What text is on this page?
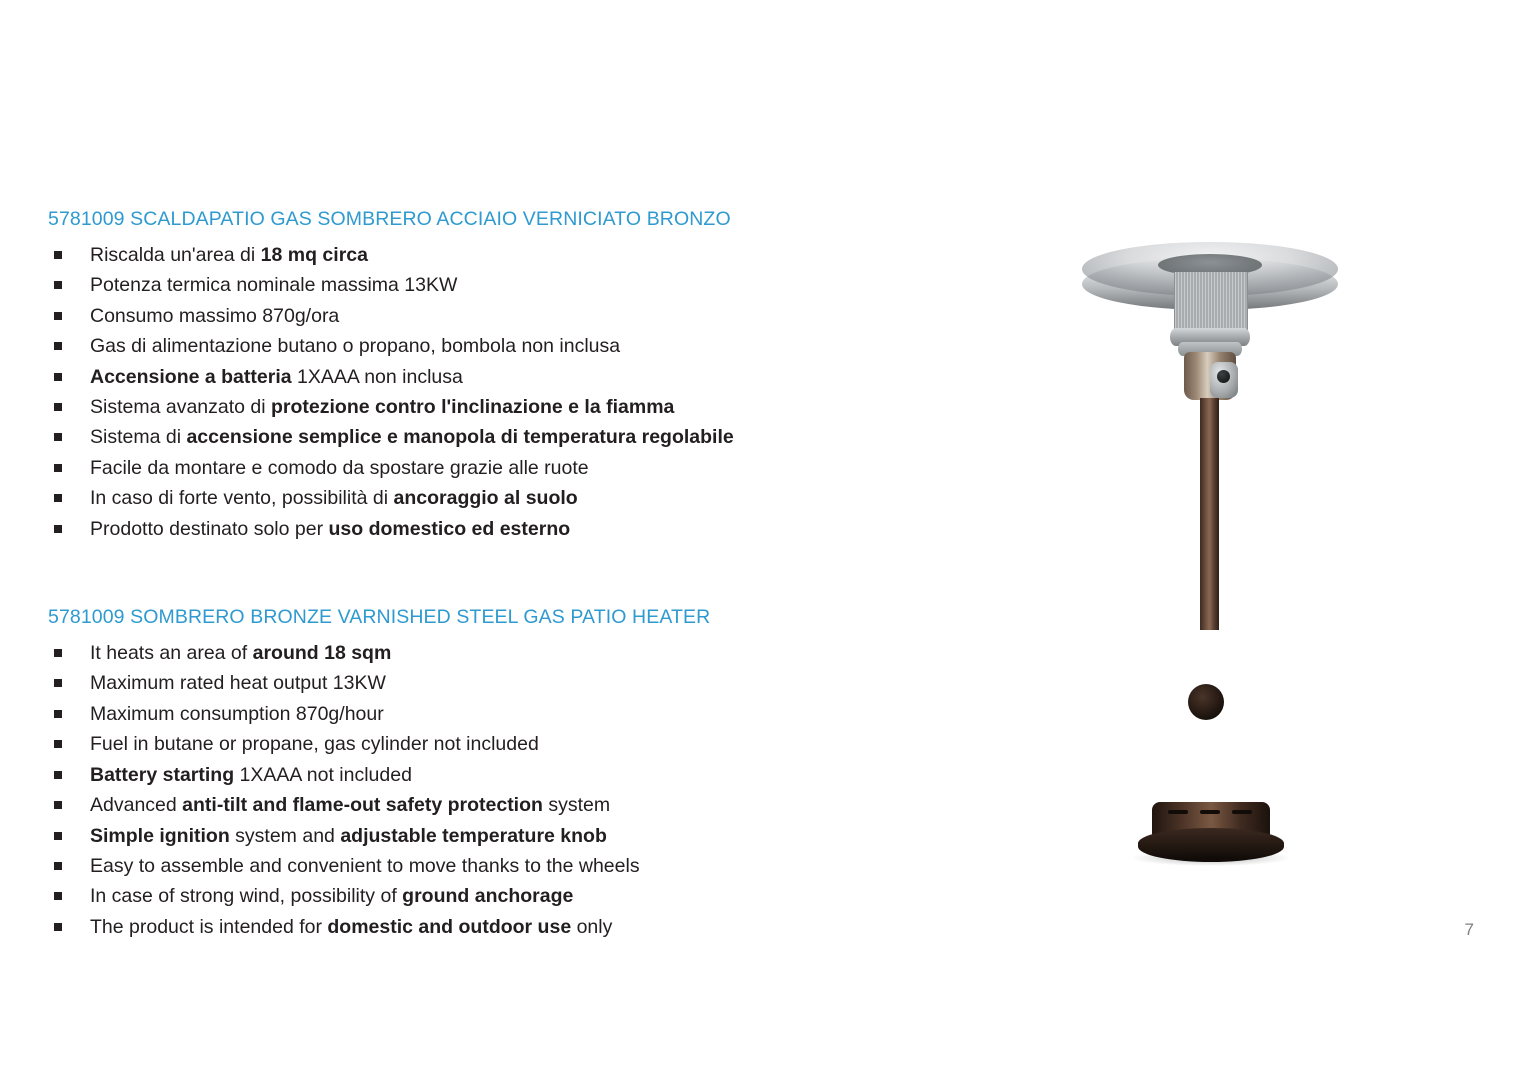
5781009 SCALDAPATIO GAS SOMBRERO ACCIAIO VERNICIATO BRONZO
Riscalda un'area di 18 mq circa
Potenza termica nominale massima 13KW
Consumo massimo 870g/ora
Gas di alimentazione butano o propano, bombola non inclusa
Accensione a batteria 1XAAA non inclusa
Sistema avanzato di protezione contro l'inclinazione e la fiamma
Sistema di accensione semplice e manopola di temperatura regolabile
Facile da montare e comodo da spostare grazie alle ruote
In caso di forte vento, possibilità di ancoraggio al suolo
Prodotto destinato solo per uso domestico ed esterno
5781009 SOMBRERO BRONZE VARNISHED STEEL GAS PATIO HEATER
It heats an area of around 18 sqm
Maximum rated heat output 13KW
Maximum consumption 870g/hour
Fuel in butane or propane, gas cylinder not included
Battery starting 1XAAA not included
Advanced anti-tilt and flame-out safety protection system
Simple ignition system and adjustable temperature knob
Easy to assemble and convenient to move thanks to the wheels
In case of strong wind, possibility of ground anchorage
The product is intended for domestic and outdoor use only	7
